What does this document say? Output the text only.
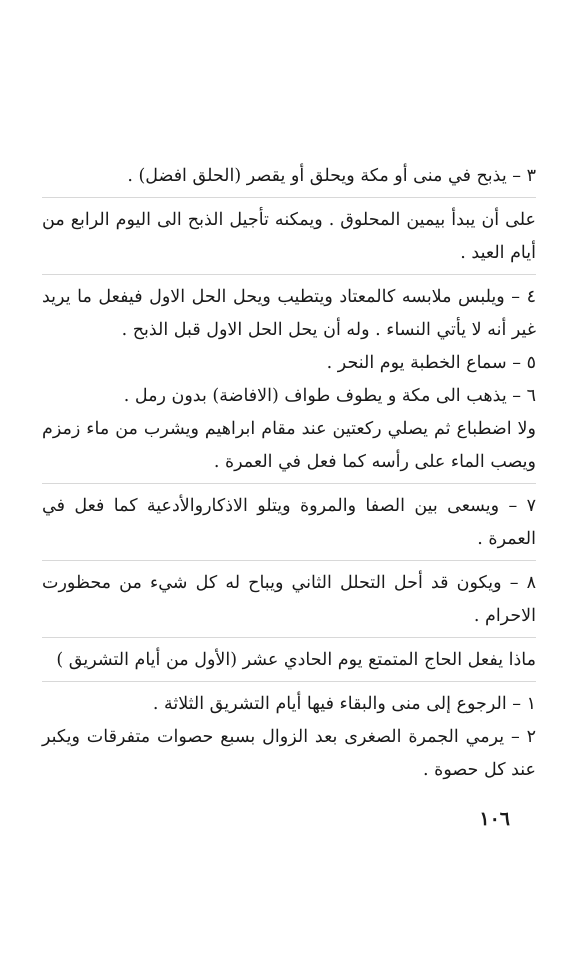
٣ – يذبح في منى أو مكة ويحلق أو يقصر (الحلق افضل) .

على أن يبدأ بيمين المحلوق . ويمكنه تأجيل الذبح الى اليوم الرابع من أيام العيد .

٤ – ويلبس ملابسه كالمعتاد ويتطيب ويحل الحل الاول فيفعل ما يريد غير أنه لا يأتي النساء . وله أن يحل الحل الاول قبل الذبح .

٥ – سماع الخطبة يوم النحر .

٦ – يذهب الى مكة و يطوف طواف (الافاضة) بدون رمل .

ولا اضطباع ثم يصلي ركعتين عند مقام ابراهيم ويشرب من ماء زمزم ويصب الماء على رأسه كما فعل في العمرة .

٧ – ويسعى بين الصفا والمروة ويتلو الاذكاروالأدعية كما فعل في العمرة .

٨ – ويكون قد أحل التحلل الثاني ويباح له كل شيء من محظورت الاحرام .

ماذا يفعل الحاج المتمتع يوم الحادي عشر (الأول من أيام التشريق )

١ – الرجوع إلى منى والبقاء فيها أيام التشريق الثلاثة .

٢ – يرمي الجمرة الصغرى بعد الزوال بسبع حصوات متفرقات ويكبر عند كل حصوة .

١٠٦
